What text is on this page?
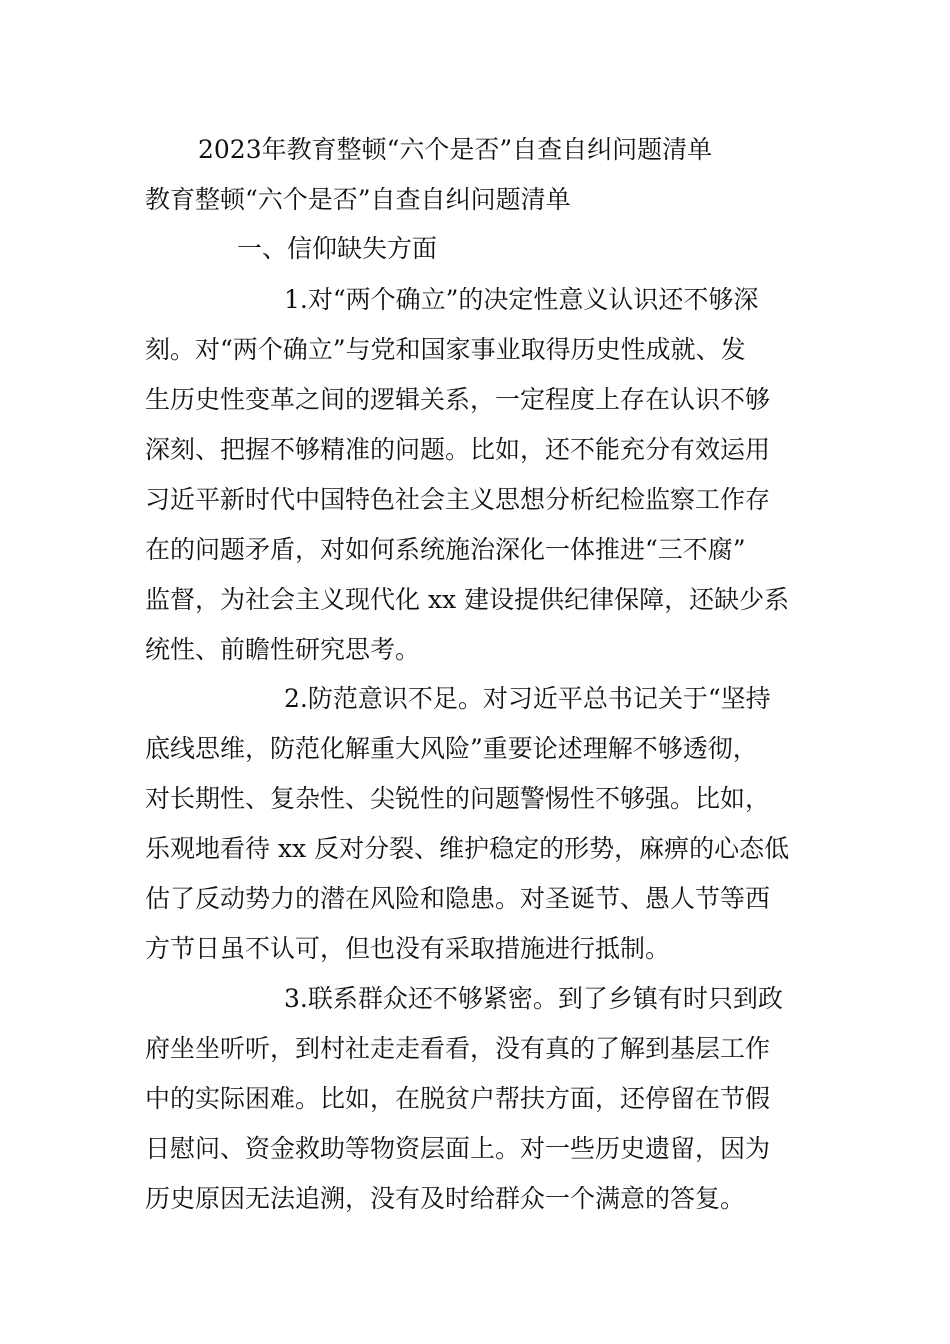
2023年教育整顿“六个是否”自查自纠问题清单
教育整顿“六个是否”自查自纠问题清单
一、信仰缺失方面
1.对“两个确立”的决定性意义认识还不够深
刻。对“两个确立”与党和国家事业取得历史性成就、发
生历史性变革之间的逻辑关系，一定程度上存在认识不够
深刻、把握不够精准的问题。比如，还不能充分有效运用
习近平新时代中国特色社会主义思想分析纪检监察工作存
在的问题矛盾，对如何系统施治深化一体推进“三不腐”
监督，为社会主义现代化 xx 建设提供纪律保障，还缺少系
统性、前瞻性研究思考。
2.防范意识不足。对习近平总书记关于“坚持
底线思维，防范化解重大风险”重要论述理解不够透彻，
对长期性、复杂性、尖锐性的问题警惕性不够强。比如，
乐观地看待 xx 反对分裂、维护稳定的形势，麻痹的心态低
估了反动势力的潜在风险和隐患。对圣诞节、愚人节等西
方节日虽不认可，但也没有采取措施进行抵制。
3.联系群众还不够紧密。到了乡镇有时只到政
府坐坐听听，到村社走走看看，没有真的了解到基层工作
中的实际困难。比如，在脱贫户帮扶方面，还停留在节假
日慰问、资金救助等物资层面上。对一些历史遗留，因为
历史原因无法追溯，没有及时给群众一个满意的答复。
